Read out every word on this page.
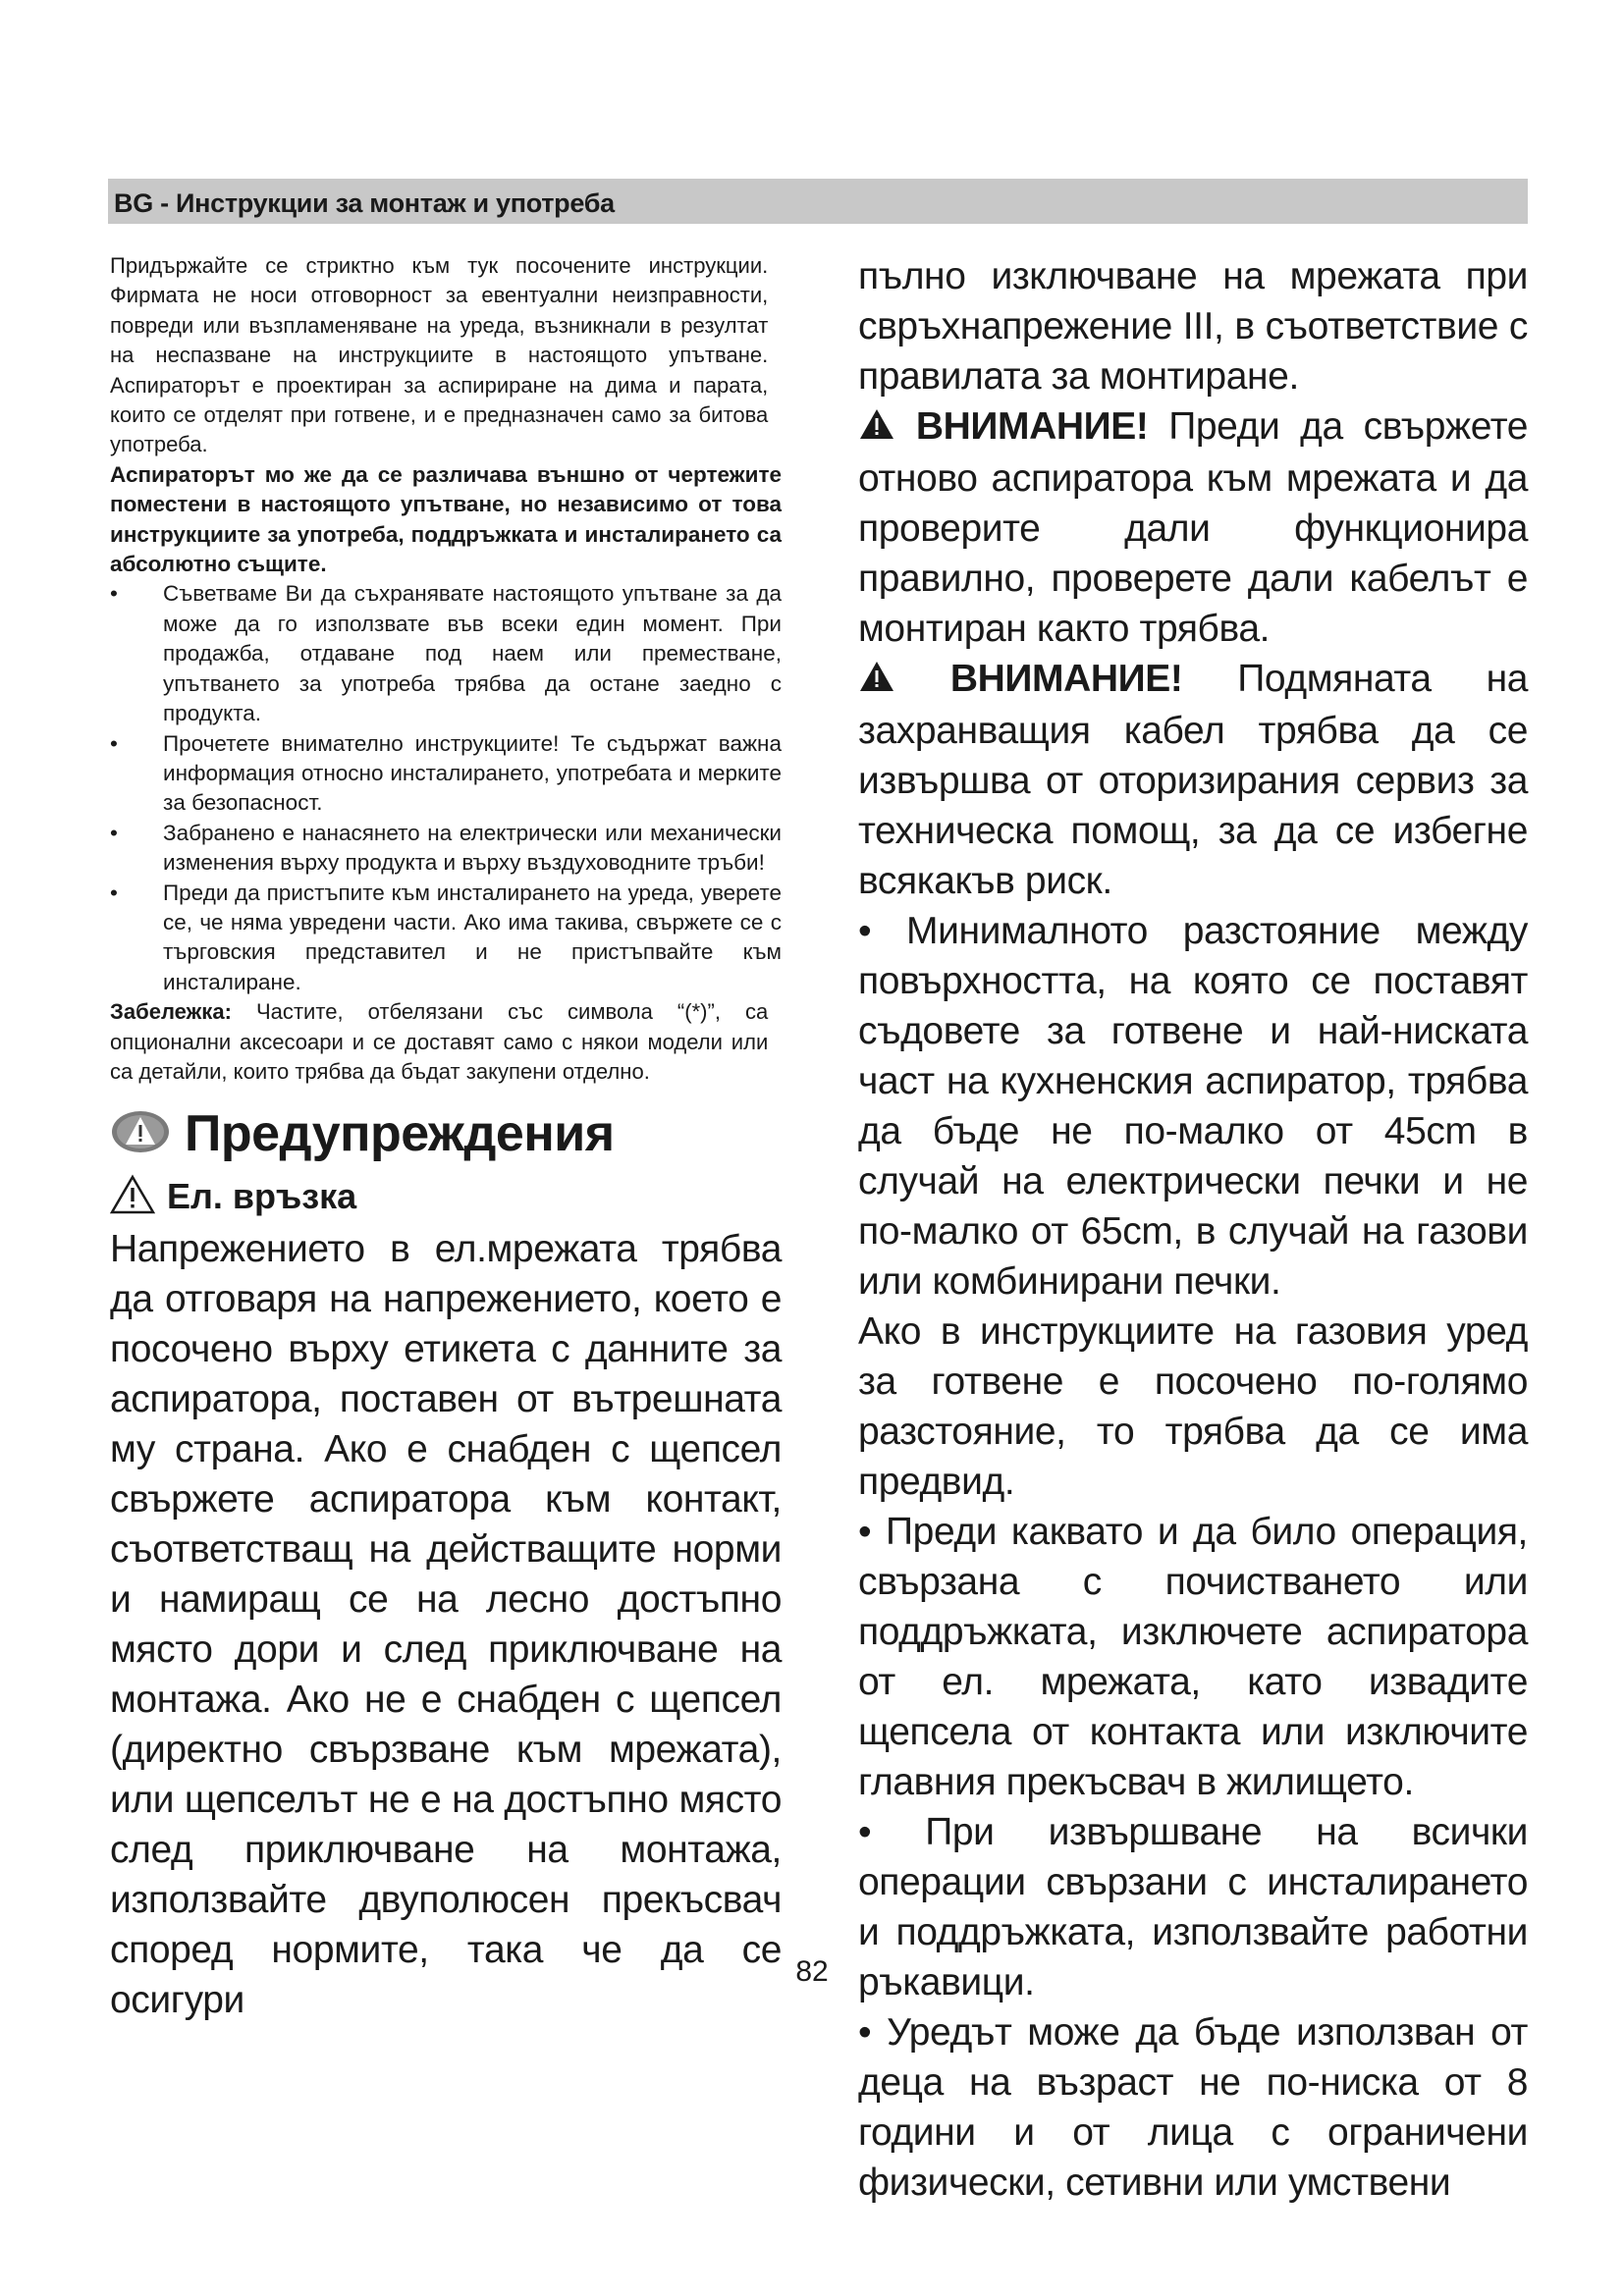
BG - Инструкции за монтаж и употреба

Придържайте се стриктно към тук посочените инструкции. Фирмата не носи отговорност за евентуални неизправности, повреди или възпламеняване на уреда, възникнали в резултат на неспазване на инструкциите в настоящото упътване. Аспираторът е проектиран за аспириране на дима и парата, които се отделят при готвене, и е предназначен само за битова употреба.

Аспираторът мо же да се различава външно от чертежите поместени в настоящото упътване, но независимо от това инструкциите за употреба, поддръжката и инсталирането са абсолютно същите.

• Съветваме Ви да съхранявате настоящото упътване за да може да го използвате във всеки един момент. При продажба, отдаване под наем или преместване, упътването за употреба трябва да остане заедно с продукта.
• Прочетете внимателно инструкциите! Те съдържат важна информация относно инсталирането, употребата и мерките за безопасност.
• Забранено е нанасянето на електрически или механически изменения върху продукта и върху въздуховодните тръби!
• Преди да пристъпите към инсталирането на уреда, уверете се, че няма увредени части. Ако има такива, свържете се с търговския представител и не пристъпвайте към инсталиране.

Забележка: Частите, отбелязани със символа “(*)”, са опционални аксесоари и се доставят само с някои модели или са детайли, които трябва да бъдат закупени отделно.

Предупреждения
Ел. връзка

Напрежението в ел.мрежата трябва да отговаря на напрежението, което е посочено върху етикета с данните за аспиратора, поставен от вътрешната му страна. Ако е снабден с щепсел свържете аспиратора към контакт, съответстващ на действащите норми и намиращ се на лесно достъпно място дори и след приключване на монтажа. Ако не е снабден с щепсел (директно свързване към мрежата), или щепселът не е на достъпно място след приключване на монтажа, използвайте двуполюсен прекъсвач според нормите, така че да се осигури

пълно изключване на мрежата при свръхнапрежение III, в съответствие с правилата за монтиране.

ВНИМАНИЕ! Преди да свържете отново аспиратора към мрежата и да проверите дали функционира правилно, проверете дали кабелът е монтиран както трябва.

ВНИМАНИЕ! Подмяната на захранващия кабел трябва да се извършва от оторизирания сервиз за техническа помощ, за да се избегне всякакъв риск.

• Минималното разстояние между повърхността, на която се поставят съдовете за готвене и най-ниската част на кухненския аспиратор, трябва да бъде не по-малко от 45cm в случай на електрически печки и не по-малко от 65cm, в случай на газови или комбинирани печки.

Ако в инструкциите на газовия уред за готвене е посочено по-голямо разстояние, то трябва да се има предвид.

• Преди каквато и да било операция, свързана с почистването или поддръжката, изключете аспиратора от ел. мрежата, като извадите щепсела от контакта или изключите главния прекъсвач в жилището.

• При извършване на всички операции свързани с инсталирането и поддръжката, използвайте работни ръкавици.

• Уредът може да бъде използван от деца на възраст не по-ниска от 8 години и от лица с ограничени физически, сетивни или умствени

82
